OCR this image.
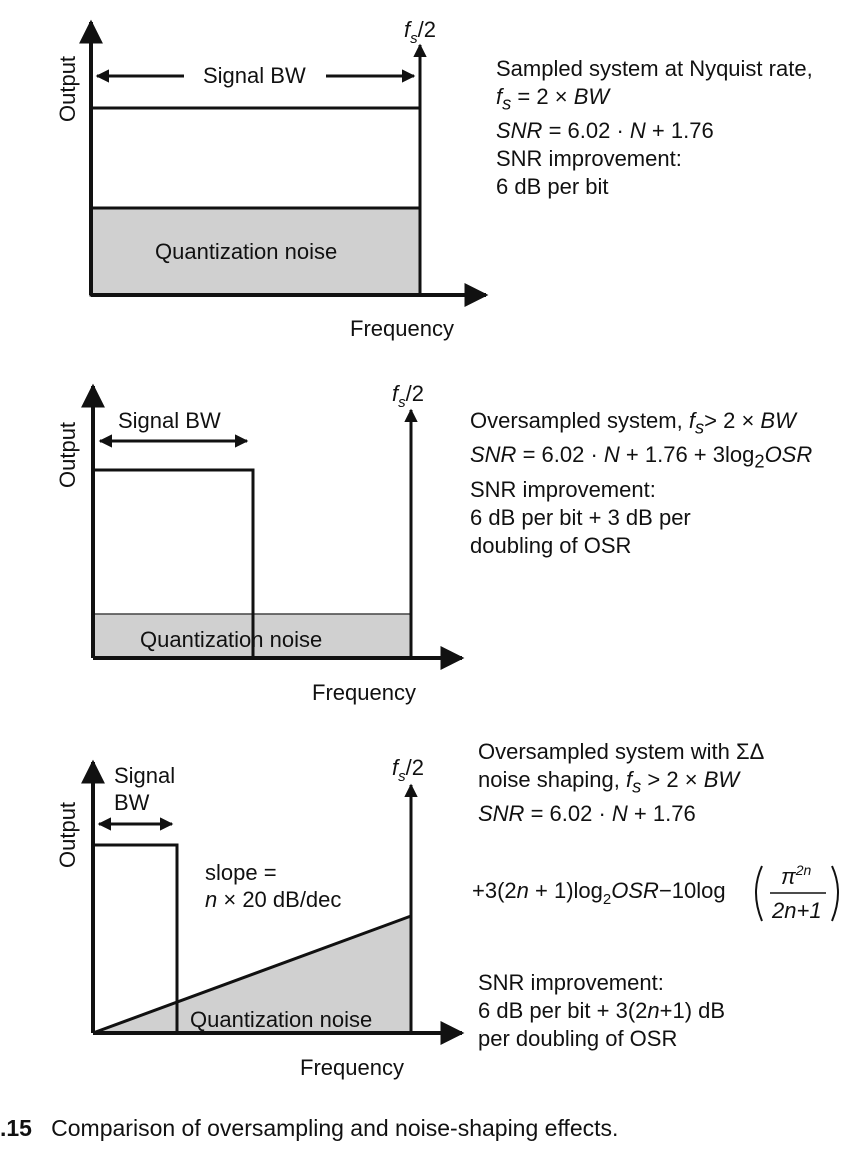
Signal BW
Quantization noise
Frequency
Output
$f_s/2$
Signal BW
Quantization noise
Frequency
Output
$f_s/2$
Signal
BW
slope =
n × 20 dB/dec
Quantization noise
Frequency
Output
$f_s/2$
$+3(2n + 1)\log_2OSR-10\log$
$\pi^{2n}$
2n+1
Sampled system at Nyquist rate,
$f_s = 2$ × BW
SNR = 6.02 · N + 1.76
SNR improvement:
6 dB per bit
Oversampled system, $f_s> 2$ × BW
SNR = $6.02 \cdot N + 1.76 + 3\log_2OSR$
SNR improvement:
6 dB per bit + 3 dB per
doubling of OSR
Oversampled system with ΣΔ
noise shaping, $f_s > 2$ × BW
SNR = 6.02 · N + 1.76
SNR improvement:
6 dB per bit + 3(2n+1) dB
per doubling of OSR
.15 Comparison of oversampling and noise-shaping effects.
